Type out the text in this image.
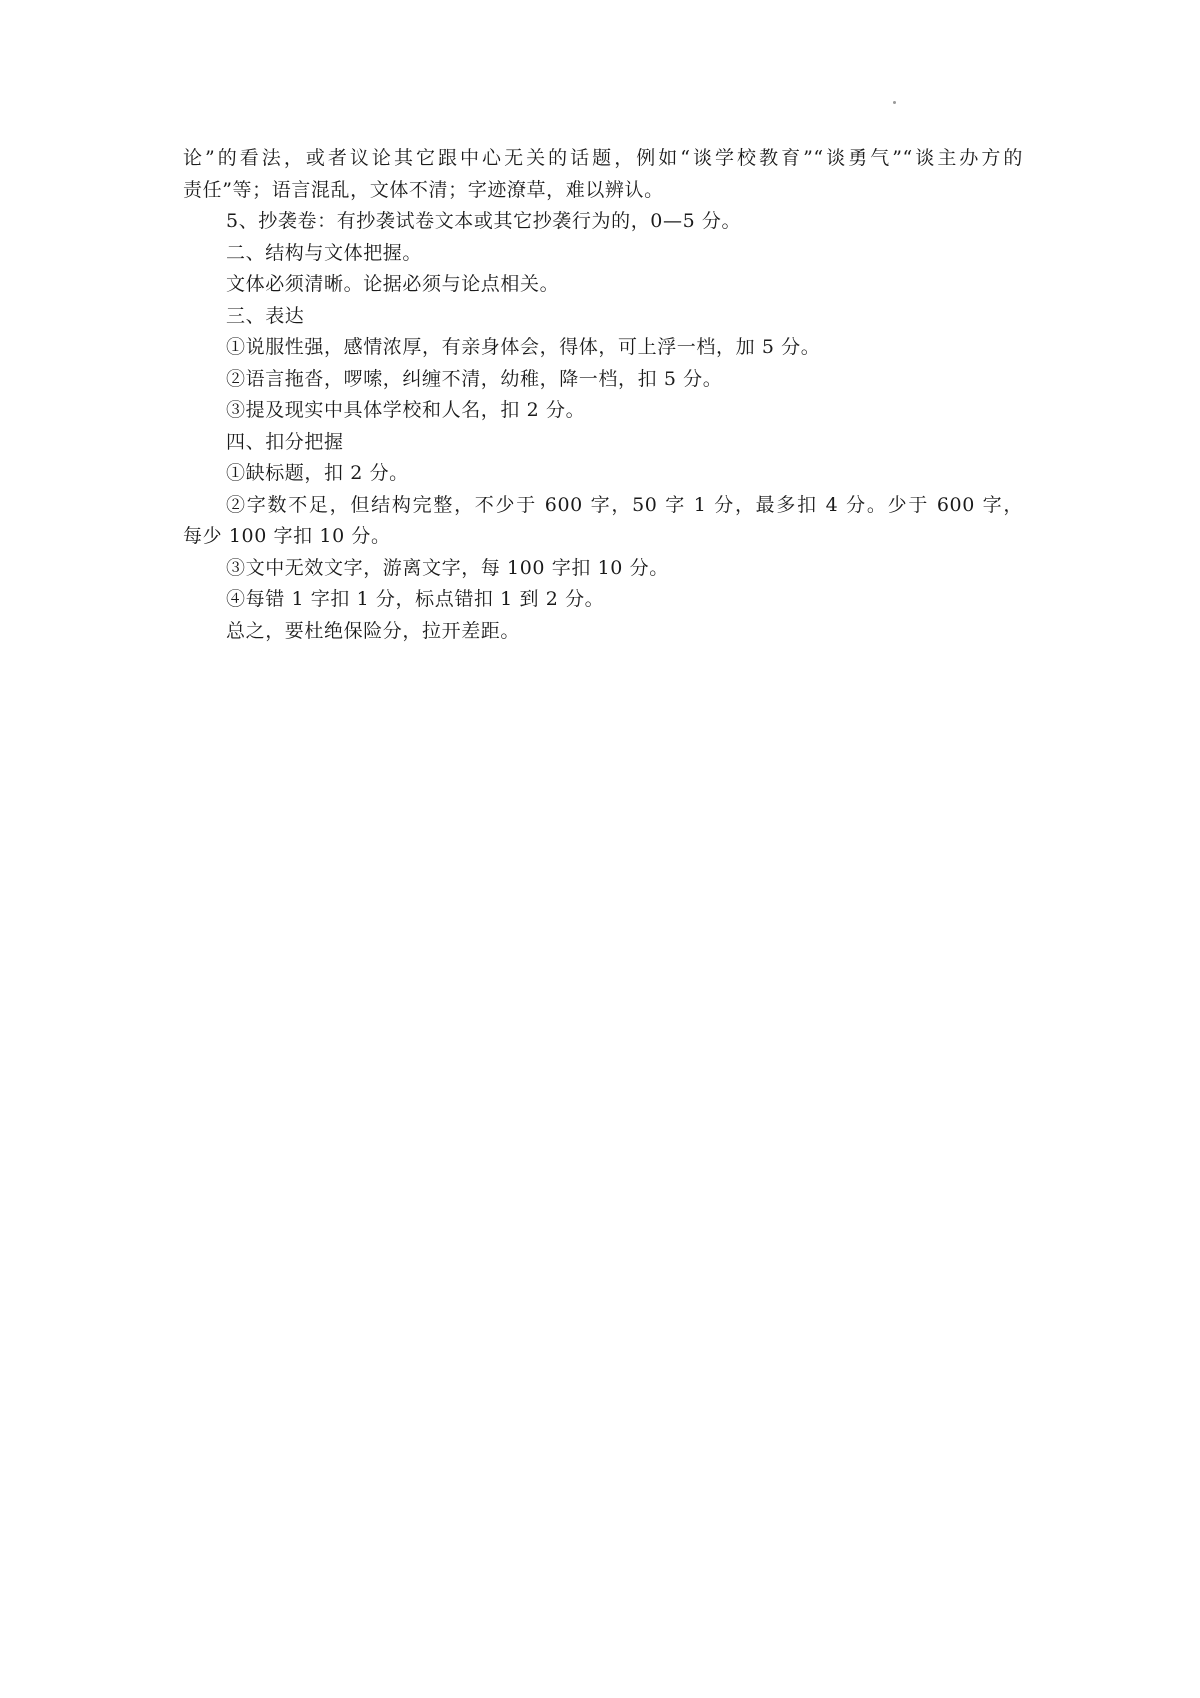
论”的看法，或者议论其它跟中心无关的话题，例如“谈学校教育”“谈勇气”“谈主办方的
责任”等；语言混乱，文体不清；字迹潦草，难以辨认。
5、抄袭卷：有抄袭试卷文本或其它抄袭行为的，0—5 分。
二、结构与文体把握。
文体必须清晰。论据必须与论点相关。
三、表达
①说服性强，感情浓厚，有亲身体会，得体，可上浮一档，加 5 分。
②语言拖沓，啰嗦，纠缠不清，幼稚，降一档，扣 5 分。
③提及现实中具体学校和人名，扣 2 分。
四、扣分把握
①缺标题，扣 2 分。
②字数不足，但结构完整，不少于 600 字，50 字 1 分，最多扣 4 分。少于 600 字，
每少 100 字扣 10 分。
③文中无效文字，游离文字，每 100 字扣 10 分。
④每错 1 字扣 1 分，标点错扣 1 到 2 分。
总之，要杜绝保险分，拉开差距。
